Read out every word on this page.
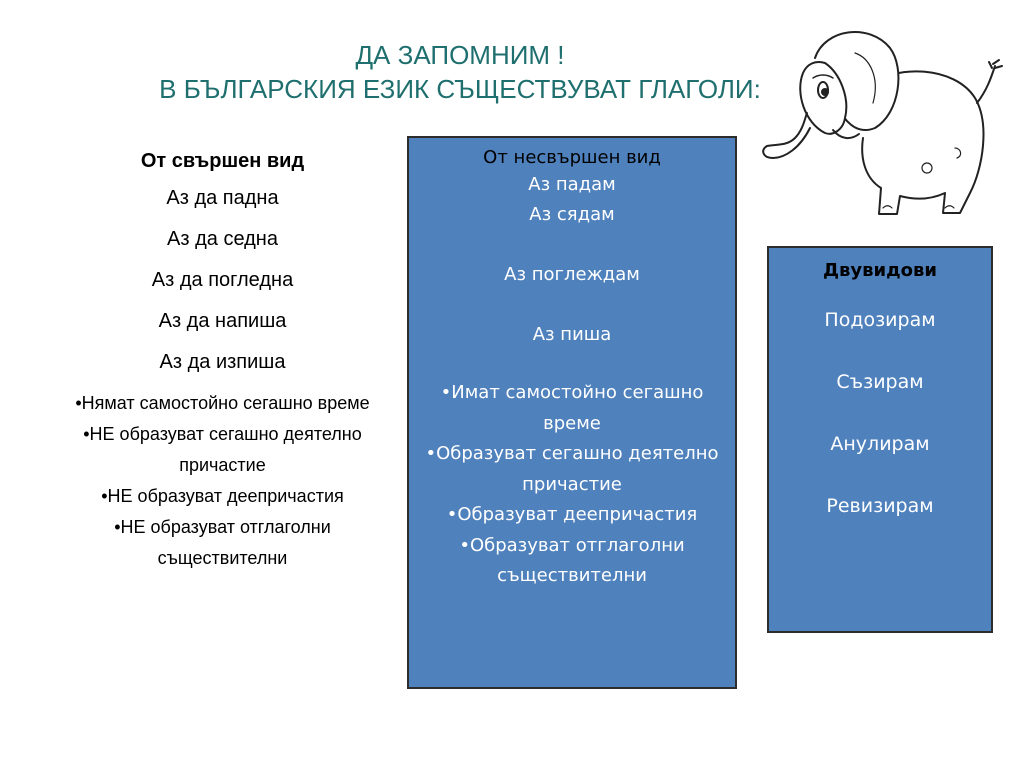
ДА ЗАПОМНИМ !
В БЪЛГАРСКИЯ ЕЗИК СЪЩЕСТВУВАТ ГЛАГОЛИ:
От свършен вид
Аз да падна
Аз да седна
Аз да погледна
Аз да напиша
Аз да изпиша
•Нямат самостойно сегашно време
•НЕ образуват сегашно деятелно причастие
•НЕ образуват деепричастия
•НЕ образуват отглаголни съществителни
От несвършен вид
Аз падам
Аз сядам
Аз поглеждам
Аз пиша
•Имат самостойно сегашно време
•Образуват сегашно деятелно причастие
•Образуват деепричастия
•Образуват отглаголни съществителни
Двувидови
Подозирам
Съзирам
Анулирам
Ревизирам
